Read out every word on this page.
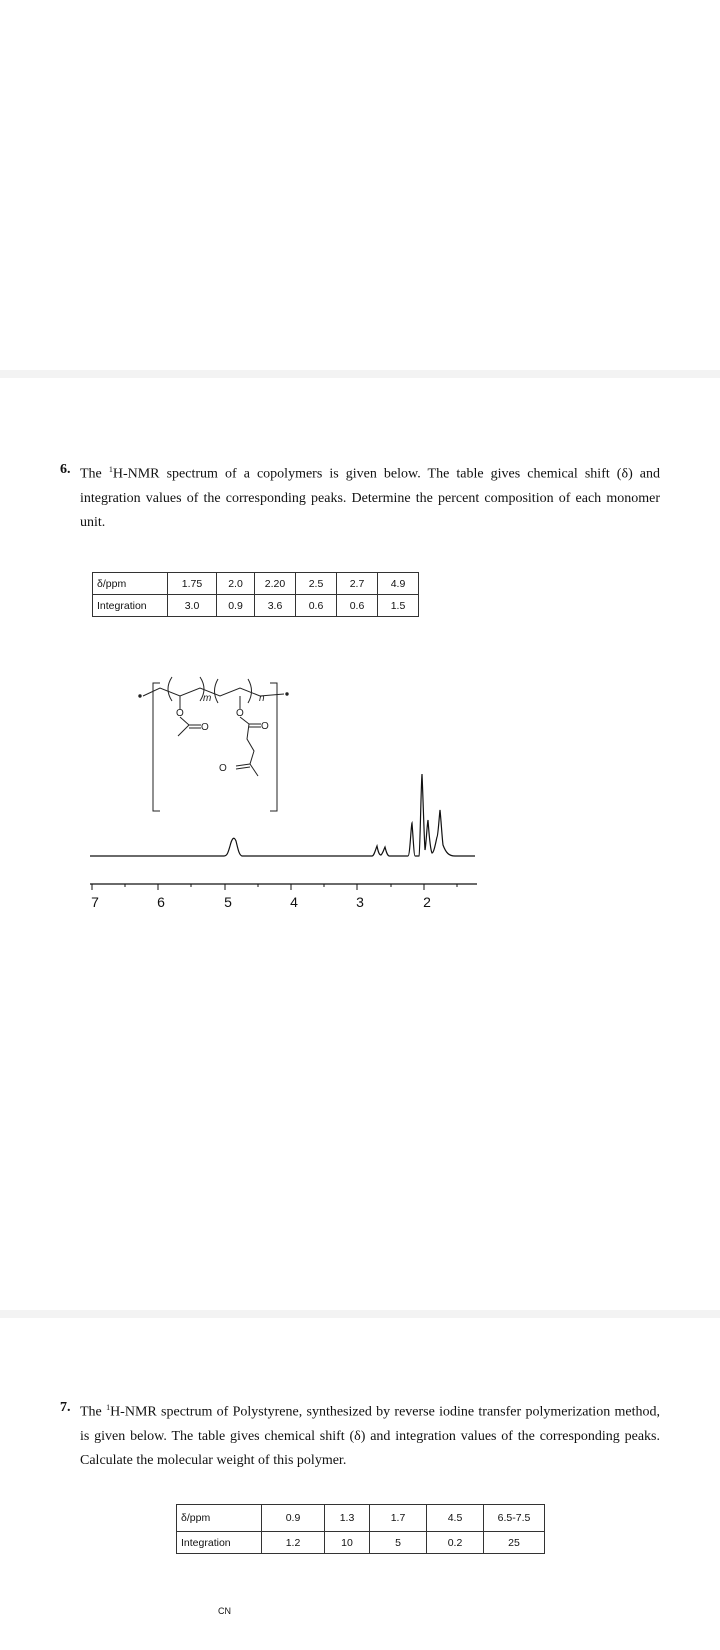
6. The $^1$H-NMR spectrum of a copolymers is given below. The table gives chemical shift (δ) and integration values of the corresponding peaks. Determine the percent composition of each monomer unit.
δ/ppm	1.75	2.0	2.20	2.5	2.7	4.9
Integration	3.0	0.9	3.6	0.6	0.6	1.5
O
O
O
O
O
m	n
7	6	5	4	3	2
7. The $^1$H-NMR spectrum of Polystyrene, synthesized by reverse iodine transfer polymerization method, is given below. The table gives chemical shift (δ) and integration values of the corresponding peaks. Calculate the molecular weight of this polymer.
δ/ppm	0.9	1.3	1.7	4.5	6.5-7.5
Integration	1.2	10	5	0.2	25
CN
